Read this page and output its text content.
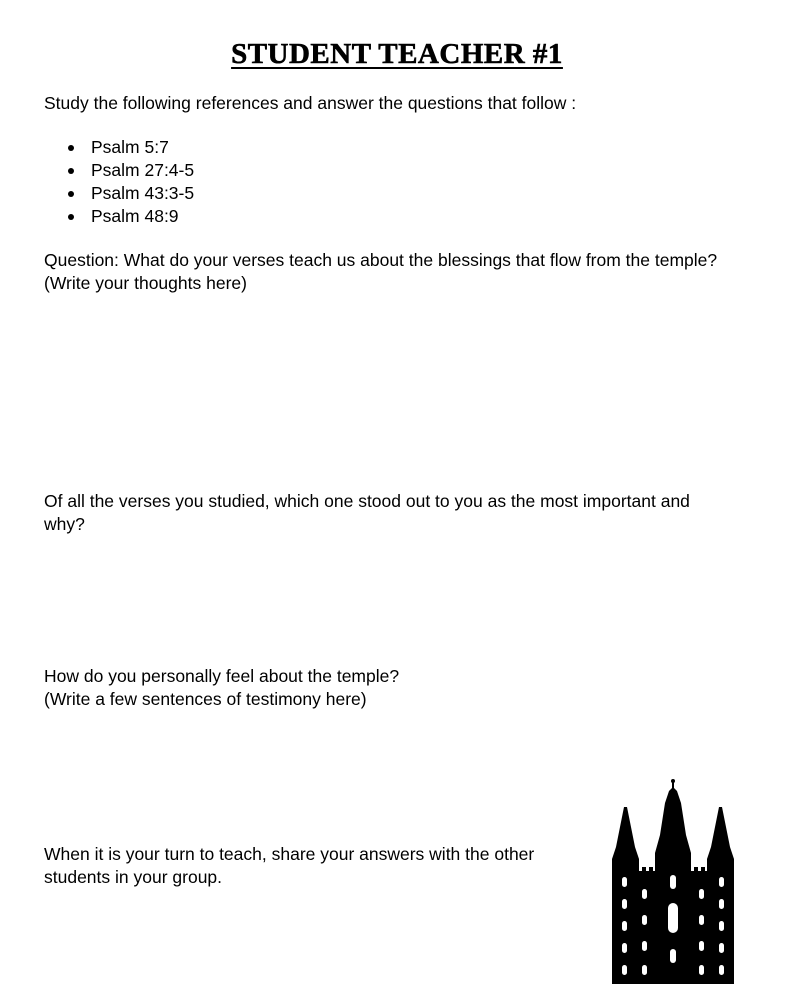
STUDENT TEACHER #1

Study the following references and answer the questions that follow :

Psalm 5:7
Psalm 27:4-5
Psalm 43:3-5
Psalm 48:9
Question: What do your verses teach us about the blessings that flow from the temple?
(Write your thoughts here)
Of all the verses you studied, which one stood out to you as the most important and
why?
How do you personally feel about the temple?
(Write a few sentences of testimony here)
When it is your turn to teach, share your answers with the other
students in your group.
